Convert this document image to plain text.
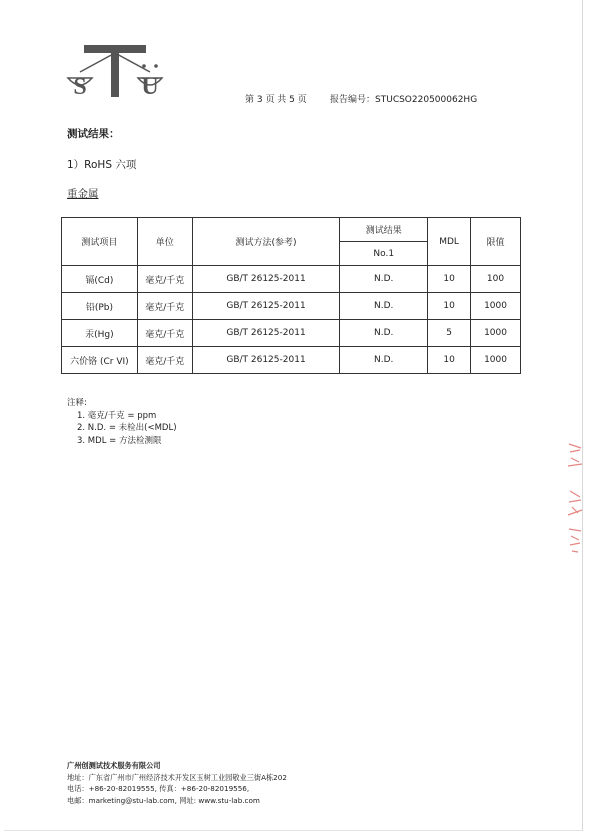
S U	第 3 页 共 5 页	报告编号：STUCSO220500062HG
测试结果：
1）RoHS 六项
重金属
测试项目	单位	测试方法(参考)	测试结果	MDL	限值
			No.1		
镉(Cd)	毫克/千克	GB/T 26125-2011	N.D.	10	100
铅(Pb)	毫克/千克	GB/T 26125-2011	N.D.	10	1000
汞(Hg)	毫克/千克	GB/T 26125-2011	N.D.	5	1000
六价铬 (Cr VI)	毫克/千克	GB/T 26125-2011	N.D.	10	1000
注释:
1. 毫克/千克 = ppm
2. N.D. = 未检出(<MDL)
3. MDL = 方法检测限
广州创测试技术服务有限公司
地址：广东省广州市广州经济技术开发区玉树工业园敬业三街A栋202
电话：+86-20-82019555, 传真：+86-20-82019556,
电邮：marketing@stu-lab.com, 网址: www.stu-lab.com
